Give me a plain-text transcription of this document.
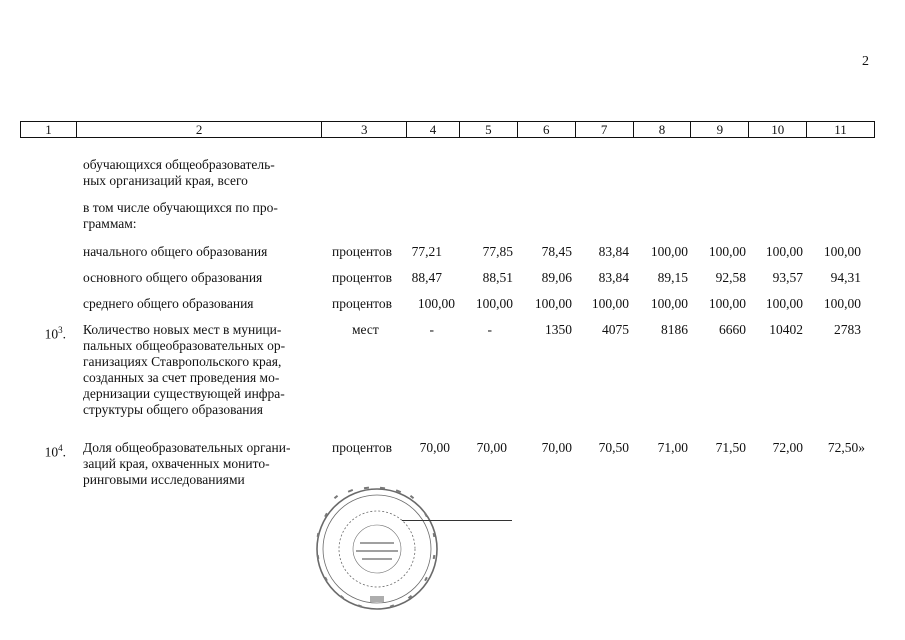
2
1	2	3	4	5	6	7	8	9	10	11
обучающихся общеобразователь-
ных организаций края, всего
в том числе обучающихся по про-
граммам:
начального общего образования	процентов	77,21	77,85	78,45	83,84	100,00	100,00	100,00	100,00
основного общего образования	процентов	88,47	88,51	89,06	83,84	89,15	92,58	93,57	94,31
среднего общего образования	процентов	100,00	100,00	100,00	100,00	100,00	100,00	100,00	100,00
$10^3$. Количество новых мест в муници-
пальных общеобразовательных ор-
ганизациях Ставропольского края,
созданных за счет проведения мо-
дернизации существующей инфра-
структуры общего образования
мест	-	-	1350	4075	8186	6660	10402	2783
$10^4$. Доля общеобразовательных органи-
заций края, охваченных монито-
ринговыми исследованиями
процентов	70,00	70,00	70,00	70,50	71,00	71,50	72,00	72,50»
